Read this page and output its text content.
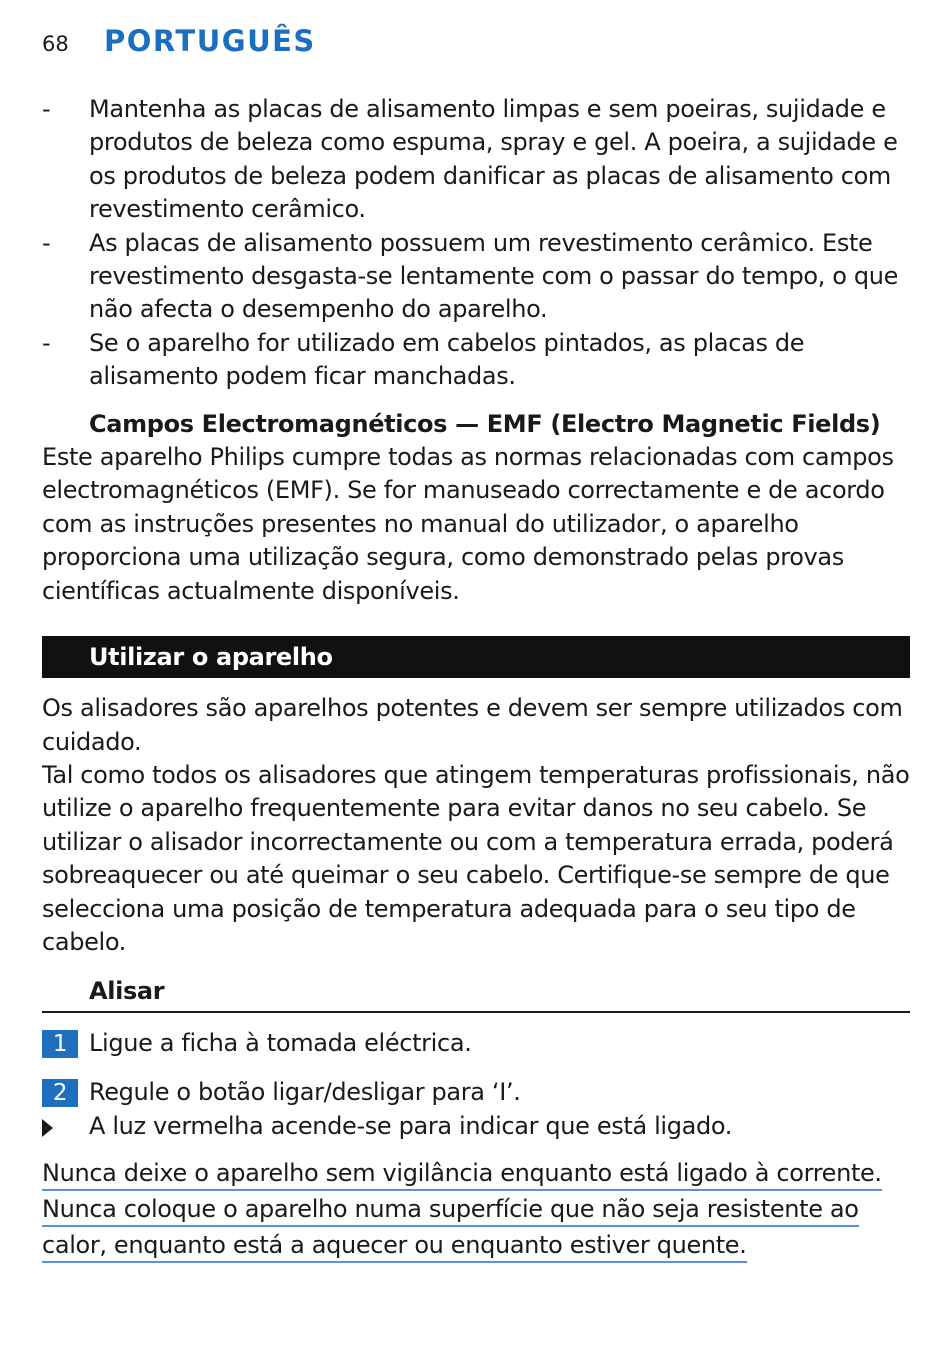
68 PORTUGUÊS
- Mantenha as placas de alisamento limpas e sem poeiras, sujidade e produtos de beleza como espuma, spray e gel. A poeira, a sujidade e os produtos de beleza podem danificar as placas de alisamento com revestimento cerâmico.
- As placas de alisamento possuem um revestimento cerâmico. Este revestimento desgasta-se lentamente com o passar do tempo, o que não afecta o desempenho do aparelho.
- Se o aparelho for utilizado em cabelos pintados, as placas de alisamento podem ficar manchadas.
Campos Electromagnéticos — EMF (Electro Magnetic Fields)

Este aparelho Philips cumpre todas as normas relacionadas com campos electromagnéticos (EMF). Se for manuseado correctamente e de acordo com as instruções presentes no manual do utilizador, o aparelho proporciona uma utilização segura, como demonstrado pelas provas científicas actualmente disponíveis.

Utilizar o aparelho

Os alisadores são aparelhos potentes e devem ser sempre utilizados com cuidado.

Tal como todos os alisadores que atingem temperaturas profissionais, não utilize o aparelho frequentemente para evitar danos no seu cabelo. Se utilizar o alisador incorrectamente ou com a temperatura errada, poderá sobreaquecer ou até queimar o seu cabelo. Certifique-se sempre de que selecciona uma posição de temperatura adequada para o seu tipo de cabelo.

Alisar
1 Ligue a ficha à tomada eléctrica.
2 Regule o botão ligar/desligar para ‘I’.
A luz vermelha acende-se para indicar que está ligado.
Nunca deixe o aparelho sem vigilância enquanto está ligado à corrente.
Nunca coloque o aparelho numa superfície que não seja resistente ao
calor, enquanto está a aquecer ou enquanto estiver quente.
